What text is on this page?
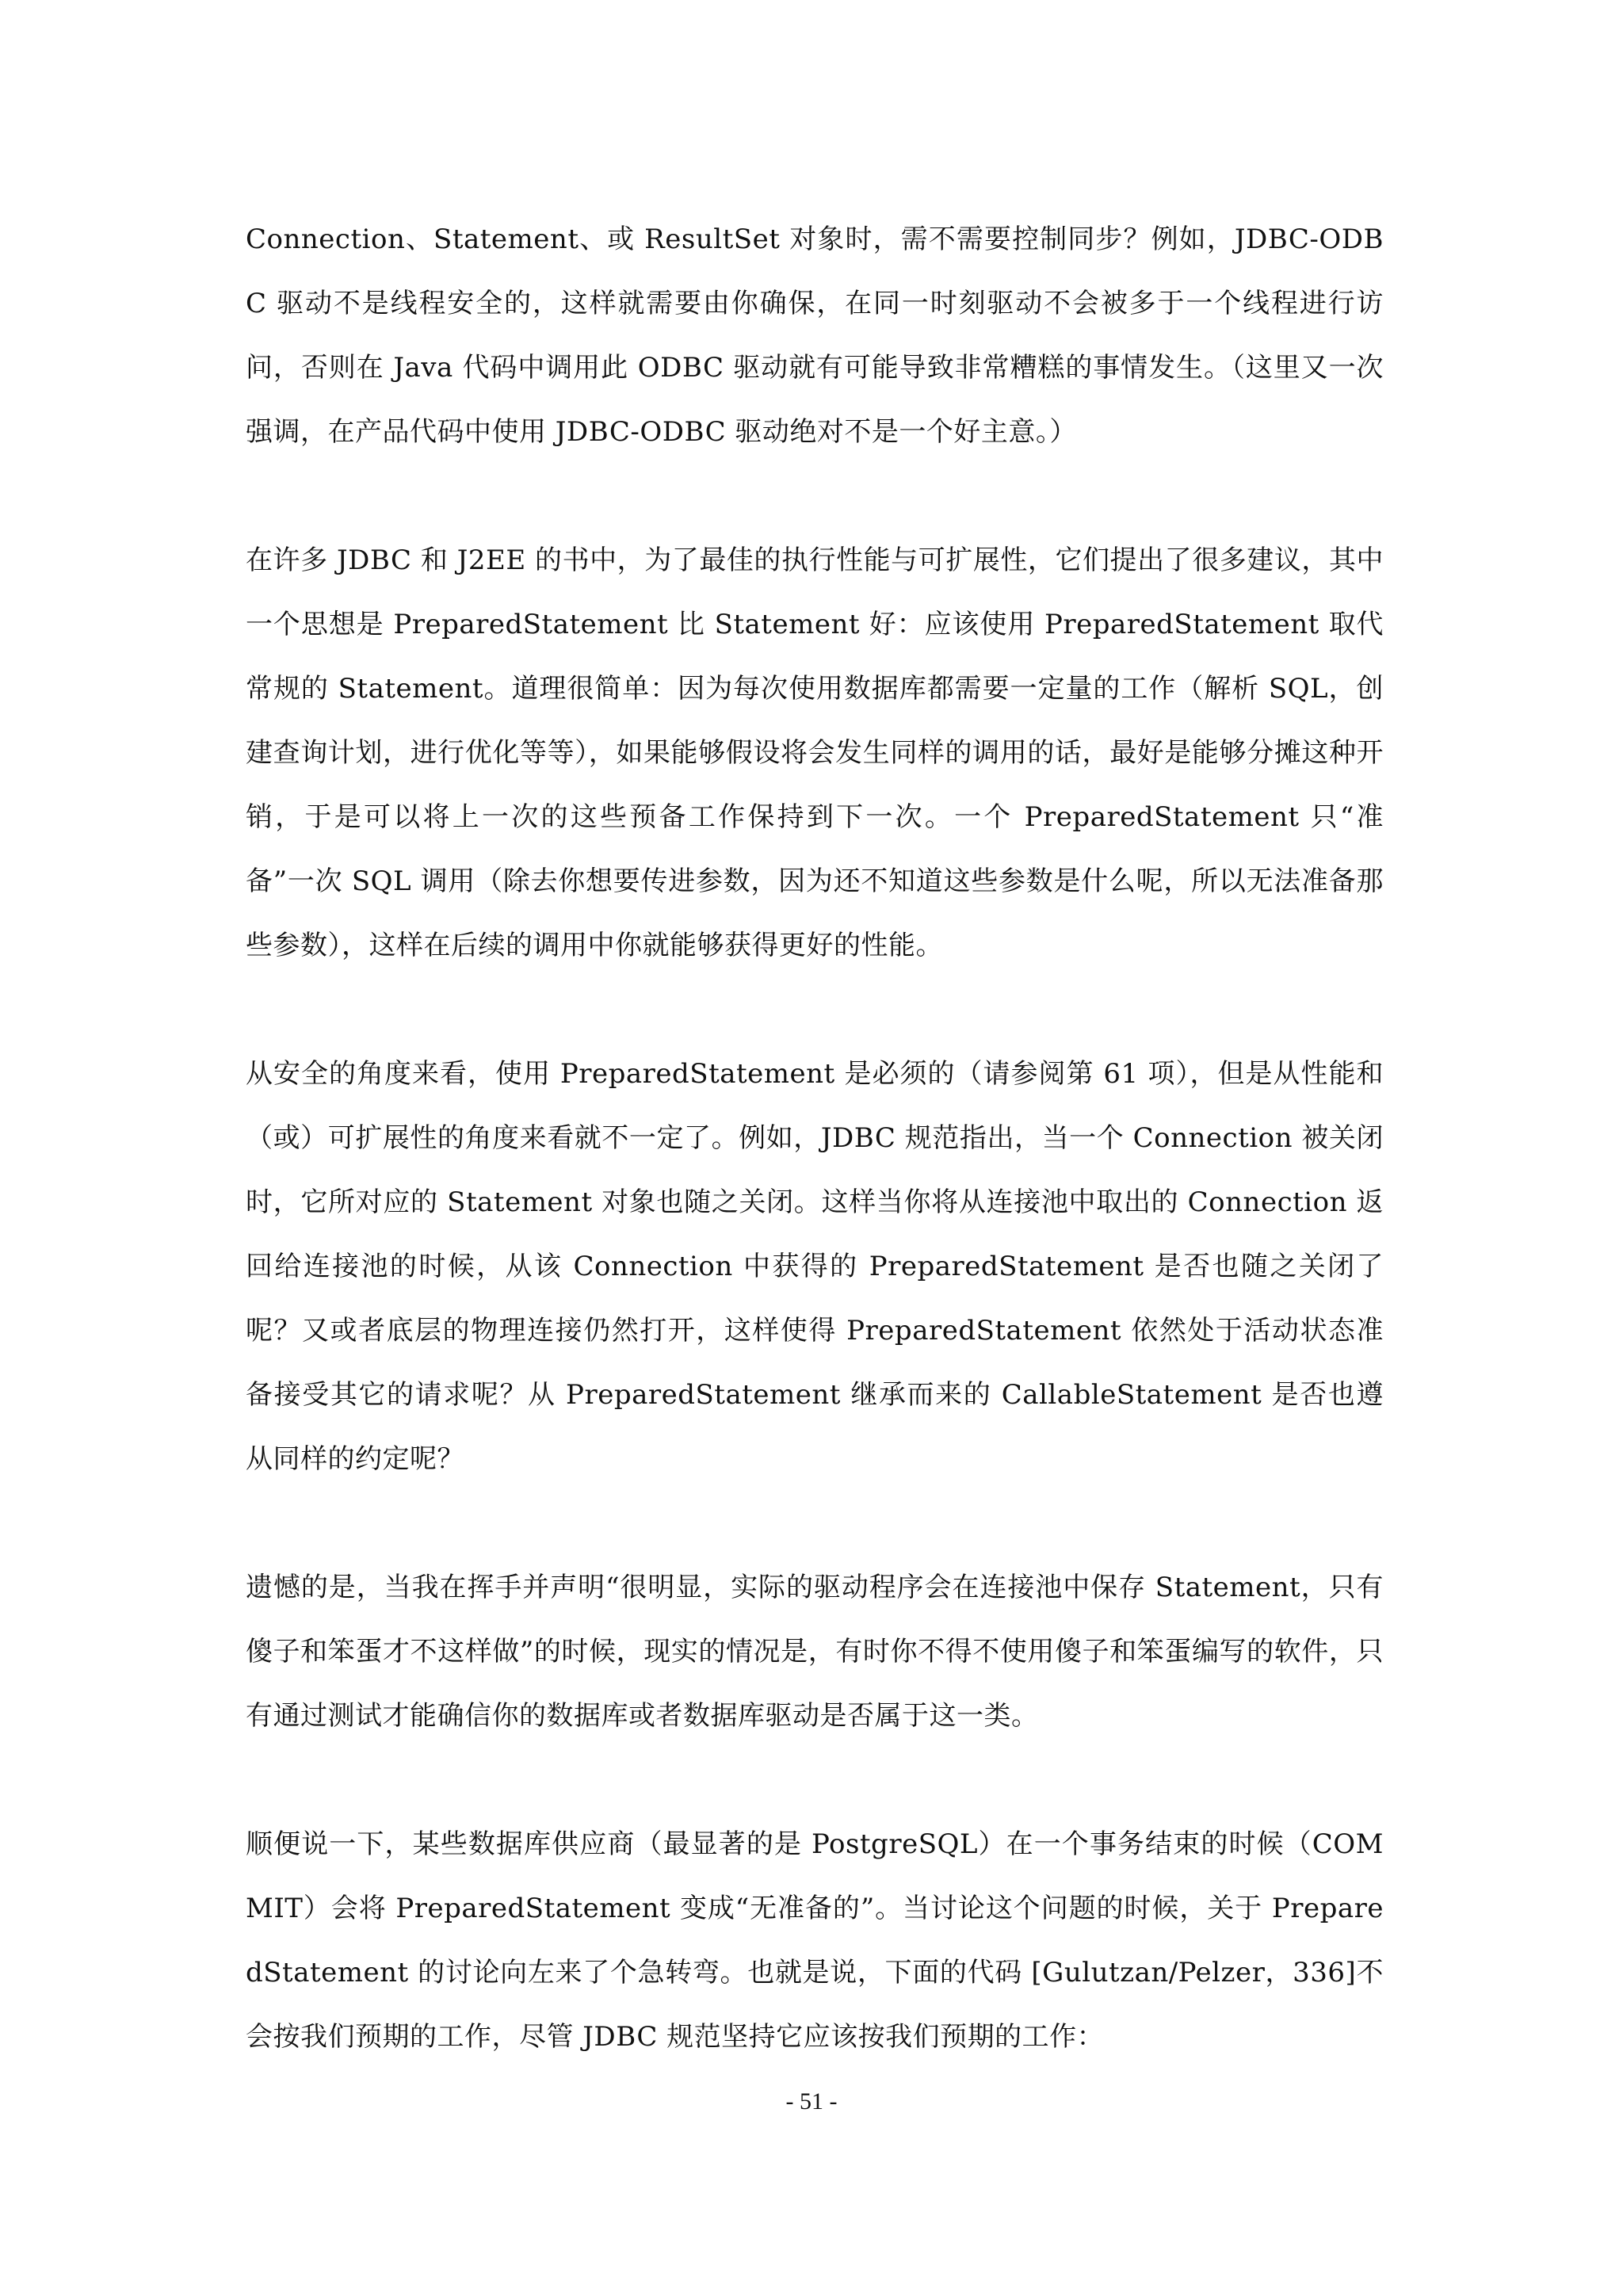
Connection、Statement、或 ResultSet 对象时，需不需要控制同步？例如，JDBC-ODBC 驱动不是线程安全的，这样就需要由你确保，在同一时刻驱动不会被多于一个线程进行访问，否则在 Java 代码中调用此 ODBC 驱动就有可能导致非常糟糕的事情发生。（这里又一次强调，在产品代码中使用 JDBC-ODBC 驱动绝对不是一个好主意。）

在许多 JDBC 和 J2EE 的书中，为了最佳的执行性能与可扩展性，它们提出了很多建议，其中一个思想是 PreparedStatement 比 Statement 好：应该使用 PreparedStatement 取代常规的 Statement。道理很简单：因为每次使用数据库都需要一定量的工作（解析 SQL，创建查询计划，进行优化等等），如果能够假设将会发生同样的调用的话，最好是能够分摊这种开销，于是可以将上一次的这些预备工作保持到下一次。一个 PreparedStatement 只“准备”一次 SQL 调用（除去你想要传进参数，因为还不知道这些参数是什么呢，所以无法准备那些参数），这样在后续的调用中你就能够获得更好的性能。

从安全的角度来看，使用 PreparedStatement 是必须的（请参阅第 61 项），但是从性能和（或）可扩展性的角度来看就不一定了。例如，JDBC 规范指出，当一个 Connection 被关闭时，它所对应的 Statement 对象也随之关闭。这样当你将从连接池中取出的 Connection 返回给连接池的时候，从该 Connection 中获得的 PreparedStatement 是否也随之关闭了呢？又或者底层的物理连接仍然打开，这样使得 PreparedStatement 依然处于活动状态准备接受其它的请求呢？从 PreparedStatement 继承而来的 CallableStatement 是否也遵从同样的约定呢？

遗憾的是，当我在挥手并声明“很明显，实际的驱动程序会在连接池中保存 Statement，只有傻子和笨蛋才不这样做”的时候，现实的情况是，有时你不得不使用傻子和笨蛋编写的软件，只有通过测试才能确信你的数据库或者数据库驱动是否属于这一类。

顺便说一下，某些数据库供应商（最显著的是 PostgreSQL）在一个事务结束的时候（COMMIT）会将 PreparedStatement 变成“无准备的”。当讨论这个问题的时候，关于 PreparedStatement 的讨论向左来了个急转弯。也就是说，下面的代码 [Gulutzan/Pelzer，336]不会按我们预期的工作，尽管 JDBC 规范坚持它应该按我们预期的工作：

- 51 -
